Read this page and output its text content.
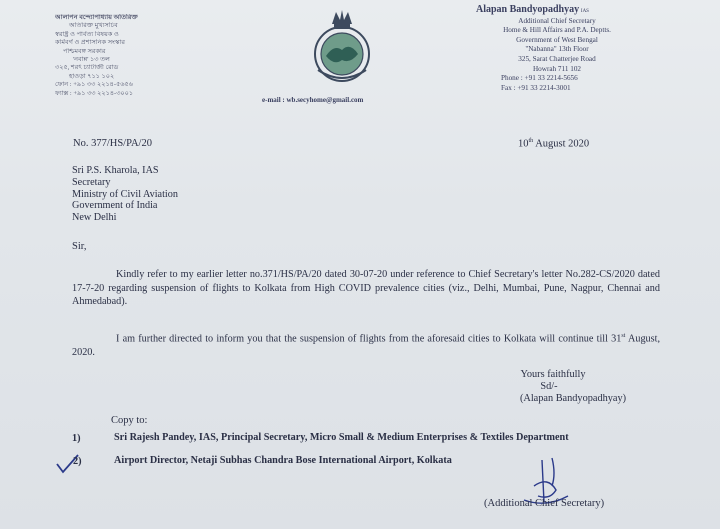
আলাপন বন্দ্যোপাধ্যায় অতিরিক্ত
অতিরিক্ত মুখ্যসচিব
স্বরাষ্ট্র ও পার্বত্য বিষয়ক ও
কর্মিবর্গ ও প্রশাসনিক সংস্কার
পশ্চিমবঙ্গ সরকার
'নবান্ন' ১৩ তল
৩২৫, শরৎ চ্যাটার্জী রোড
হাওড়া ৭১১ ১০২
ফোন : +৯১ ৩৩ ২২১৪-৫৬৫৬
ফ্যাক্স : +৯১ ৩৩ ২২১৪-৩০০১
Alapan Bandyopadhyay IAS
Additional Chief Secretary
Home & Hill Affairs and P.A. Deptts.
Government of West Bengal
"Nabanna" 13th Floor
325, Sarat Chatterjee Road
Howrah 711 102
Phone : +91 33 2214-5656
Fax : +91 33 2214-3001
e-mail : wb.secyhome@gmail.com
No. 377/HS/PA/20	10th August 2020
Sri P.S. Kharola, IAS
Secretary
Ministry of Civil Aviation
Government of India
New Delhi
Sir,
Kindly refer to my earlier letter no.371/HS/PA/20 dated 30-07-20 under reference to Chief Secretary's letter No.282-CS/2020 dated 17-7-20 regarding suspension of flights to Kolkata from High COVID prevalence cities (viz., Delhi, Mumbai, Pune, Nagpur, Chennai and Ahmedabad).
I am further directed to inform you that the suspension of flights from the aforesaid cities to Kolkata will continue till 31st August, 2020.
Yours faithfully
Sd/-
(Alapan Bandyopadhyay)
Copy to:
1)	Sri Rajesh Pandey, IAS, Principal Secretary, Micro Small & Medium Enterprises & Textiles Department
2)	Airport Director, Netaji Subhas Chandra Bose International Airport, Kolkata
(Additional Chief Secretary)
